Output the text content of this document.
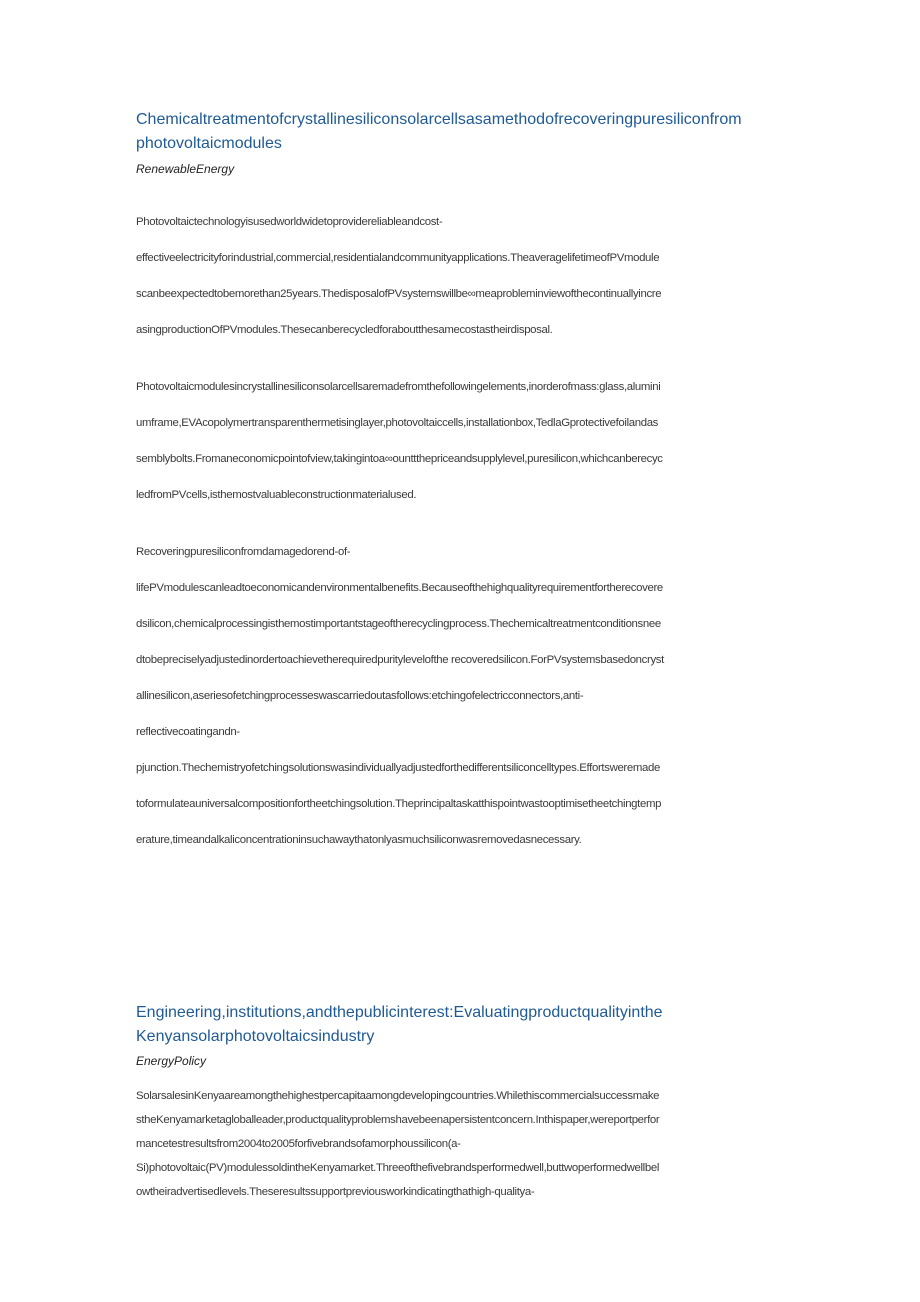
Chemicaltreatmentofcrystallinesiliconsolarcellsasamethodofrecoveringpuresiliconfrom
photovoltaicmodules
RenewableEnergy
Photovoltaictechnologyisusedworldwidetoprovidereliableandcost-
effectiveelectricityforindustrial,commercial,residentialandcommunityapplications.TheaveragelifetimeofPVmodule
scanbeexpectedtobemorethan25years.ThedisposalofPVsystemswillbe∞meaprobleminviewofthecontinuallyincre
asingproductionOfPVmodules.Thesecanberecycledforaboutthesamecostastheirdisposal.
Photovoltaicmodulesincrystallinesiliconsolarcellsaremadefromthefollowingelements,inorderofmass:glass,alumini
umframe,EVAcopolymertransparenthermetisinglayer,photovoltaiccells,installationbox,TedlaGprotectivefoilandas
semblybolts.Fromaneconomicpointofview,takingintoa∞ounttthepriceandsupplylevel,puresilicon,whichcanberecyc
ledfromPVcells,isthemostvaluableconstructionmaterialused.
Recoveringpuresiliconfromdamagedorend-of-
lifePVmodulescanleadtoeconomicandenvironmentalbenefits.Becauseofthehighqualityrequirementfortherecovere
dsilicon,chemicalprocessingisthemostimportantstageoftherecyclingprocess.Thechemicaltreatmentconditionsnee
dtobepreciselyadjustedinordertoachievetherequiredpuritylevelofthe recoveredsilicon.ForPVsystemsbasedoncryst
allinesilicon,aseriesofetchingprocesseswascarriedoutasfollows:etchingofelectricconnectors,anti-
reflectivecoatingandn-
pjunction.Thechemistryofetchingsolutionswasindividuallyadjustedforthedifferentsiliconcelltypes.Effortsweremade
toformulateauniversalcompositionfortheetchingsolution.Theprincipaltaskatthispointwastooptimisetheetchingtemp
erature,timeandalkaliconcentrationinsuchawaythatonlyasmuchsiliconwasremovedasnecessary.
Engineering,institutions,andthepublicinterest:Evaluatingproductqualityinthe
Kenyansolarphotovoltaicsindustry
EnergyPolicy
SolarsalesinKenyaareamongthehighestpercapitaamongdevelopingcountries.Whilethiscommercialsuccessmake
stheKenyamarketagloballeader,productqualityproblemshavebeenapersistentconcern.Inthispaper,wereportperfor
mancetestresultsfrom2004to2005forfivebrandsofamorphoussilicon(a-
Si)photovoltaic(PV)modulessoldintheKenyamarket.Threeofthefivebrandsperformedwell,buttwoperformedwellbel
owtheiradvertisedlevels.Theseresultssupportpreviousworkindicatingthathigh-qualitya-
